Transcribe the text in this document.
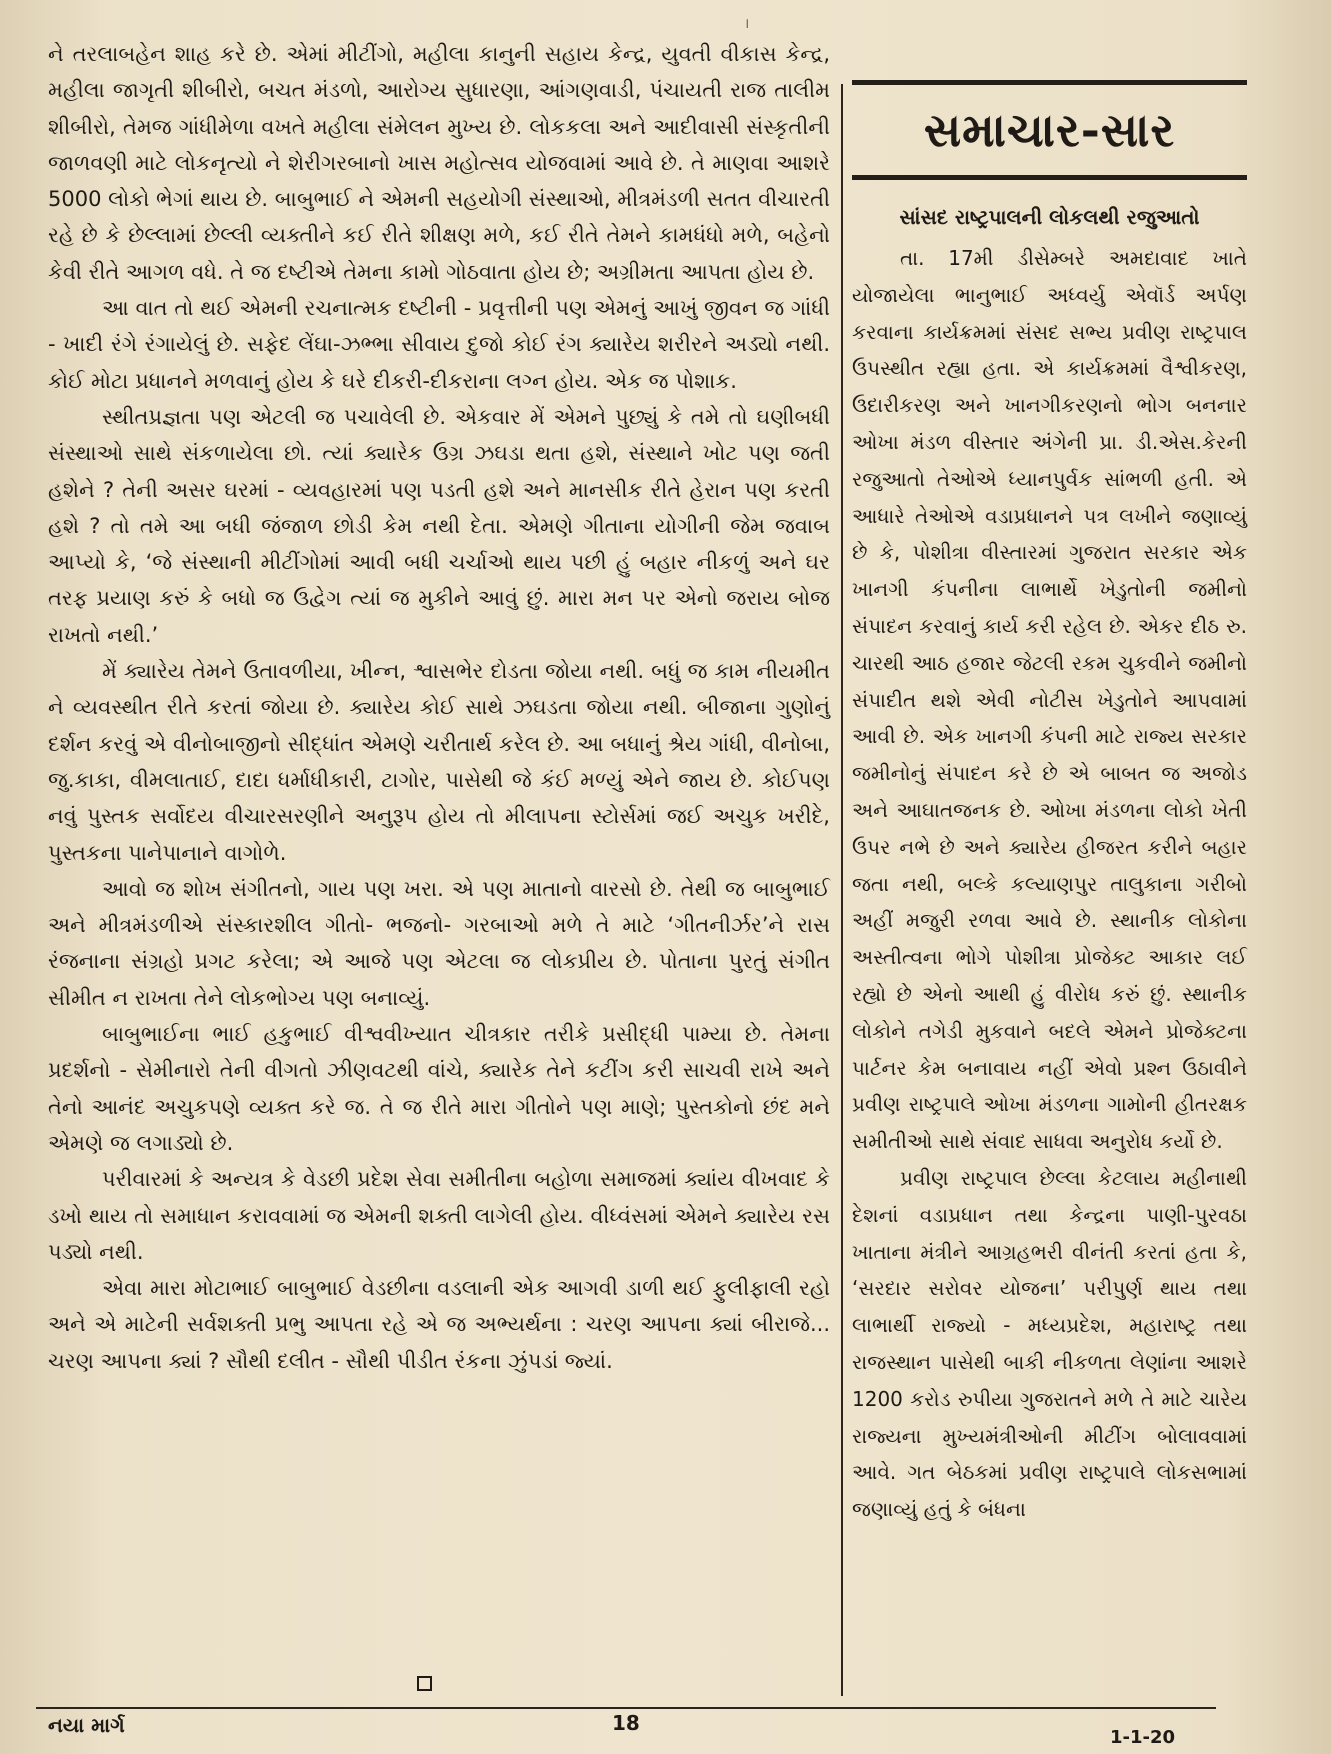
।

ને તરલાબહેન શાહ કરે છે. એમાં મીટીંગો, મહીલા કાનુની સહાય કેન્દ્ર, યુવતી વીકાસ કેન્દ્ર, મહીલા જાગૃતી શીબીરો, બચત મંડળો, આરોગ્ય સુધારણા, આંગણવાડી, પંચાયતી રાજ તાલીમ શીબીરો, તેમજ ગાંધીમેળા વખતે મહીલા સંમેલન મુખ્ય છે. લોકકલા અને આદીવાસી સંસ્કૃતીની જાળવણી માટે લોકનૃત્યો ને શેરીગરબાનો ખાસ મહોત્સવ યોજવામાં આવે છે. તે માણવા આશરે 5000 લોકો ભેગાં થાય છે. બાબુભાઈ ને એમની સહયોગી સંસ્થાઓ, મીત્રમંડળી સતત વીચારતી રહે છે કે છેલ્લામાં છેલ્લી વ્યક્તીને કઈ રીતે શીક્ષણ મળે, કઈ રીતે તેમને કામધંધો મળે, બહેનો કેવી રીતે આગળ વધે. તે જ દષ્ટીએ તેમના કામો ગોઠવાતા હોય છે; અગ્રીમતા આપતા હોય છે.

આ વાત તો થઈ એમની રચનાત્મક દષ્ટીની - પ્રવૃત્તીની પણ એમનું આખું જીવન જ ગાંધી - ખાદી રંગે રંગાયેલું છે. સફેદ લેંઘા-ઝભ્ભા સીવાય દુજો કોઈ રંગ ક્યારેય શરીરને અડ્યો નથી. કોઈ મોટા પ્રધાનને મળવાનું હોય કે ઘરે દીકરી-દીકરાના લગ્ન હોય. એક જ પોશાક.

સ્થીતપ્રજ્ઞતા પણ એટલી જ પચાવેલી છે. એકવાર મેં એમને પુછ્યું કે તમે તો ઘણીબધી સંસ્થાઓ સાથે સંકળાયેલા છો. ત્યાં ક્યારેક ઉગ્ર ઝઘડા થતા હશે, સંસ્થાને ખોટ પણ જતી હશેને ? તેની અસર ઘરમાં - વ્યવહારમાં પણ પડતી હશે અને માનસીક રીતે હેરાન પણ કરતી હશે ? તો તમે આ બધી જંજાળ છોડી કેમ નથી દેતા. એમણે ગીતાના યોગીની જેમ જવાબ આપ્યો કે, ‘જે સંસ્થાની મીટીંગોમાં આવી બધી ચર્ચાઓ થાય પછી હું બહાર નીકળું અને ઘર તરફ પ્રયાણ કરું કે બધો જ ઉદ્વેગ ત્યાં જ મુકીને આવું છું. મારા મન પર એનો જરાય બોજ રાખતો નથી.’

મેં ક્યારેય તેમને ઉતાવળીયા, ખીન્ન, શ્વાસભેર દોડતા જોયા નથી. બધું જ કામ નીયમીત ને વ્યવસ્થીત રીતે કરતાં જોયા છે. ક્યારેય કોઈ સાથે ઝઘડતા જોયા નથી. બીજાના ગુણોનું દર્શન કરવું એ વીનોબાજીનો સીદ્ધાંત એમણે ચરીતાર્થ કરેલ છે. આ બધાનું શ્રેય ગાંધી, વીનોબા, જુ.કાકા, વીમલાતાઈ, દાદા ધર્માધીકારી, ટાગોર, પાસેથી જે કંઈ મળ્યું એને જાય છે. કોઈપણ નવું પુસ્તક સર્વોદય વીચારસરણીને અનુરૂપ હોય તો મીલાપના સ્ટોર્સમાં જઈ અચુક ખરીદે, પુસ્તકના પાનેપાનાને વાગોળે.

આવો જ શોખ સંગીતનો, ગાય પણ ખરા. એ પણ માતાનો વારસો છે. તેથી જ બાબુભાઈ અને મીત્રમંડળીએ સંસ્કારશીલ ગીતો- ભજનો- ગરબાઓ મળે તે માટે ‘ગીતનીર્ઝર’ને રાસ રંજનાના સંગ્રહો પ્રગટ કરેલા; એ આજે પણ એટલા જ લોકપ્રીય છે. પોતાના પુરતું સંગીત સીમીત ન રાખતા તેને લોકભોગ્ય પણ બનાવ્યું.

બાબુભાઈના ભાઈ હકુભાઈ વીશ્વવીખ્યાત ચીત્રકાર તરીકે પ્રસીદ્ધી પામ્યા છે. તેમના પ્રદર્શનો - સેમીનારો તેની વીગતો ઝીણવટથી વાંચે, ક્યારેક તેને કટીંગ કરી સાચવી રાખે અને તેનો આનંદ અચુકપણે વ્યક્ત કરે જ. તે જ રીતે મારા ગીતોને પણ માણે; પુસ્તકોનો છંદ મને એમણે જ લગાડ્યો છે.

પરીવારમાં કે અન્યત્ર કે વેડછી પ્રદેશ સેવા સમીતીના બહોળા સમાજમાં ક્યાંય વીખવાદ કે ડખો થાય તો સમાધાન કરાવવામાં જ એમની શક્તી લાગેલી હોય. વીધ્વંસમાં એમને ક્યારેય રસ પડ્યો નથી.

એવા મારા મોટાભાઈ બાબુભાઈ વેડછીના વડલાની એક આગવી ડાળી થઈ ફુલીફાલી રહો અને એ માટેની સર્વશક્તી પ્રભુ આપતા રહે એ જ અભ્યર્થના : ચરણ આપના ક્યાં બીરાજે... ચરણ આપના ક્યાં ? સૌથી દલીત - સૌથી પીડીત રંકના ઝુંપડાં જ્યાં.

સમાચાર-સાર
સાંસદ રાષ્ટ્રપાલની લોકલથી રજુઆતો

તા. 17મી ડીસેમ્બરે અમદાવાદ ખાતે યોજાયેલા ભાનુભાઈ અધ્વર્યુ એવૉર્ડ અર્પણ કરવાના કાર્યક્રમમાં સંસદ સભ્ય પ્રવીણ રાષ્ટ્રપાલ ઉપસ્થીત રહ્યા હતા. એ કાર્યક્રમમાં વૈશ્વીકરણ, ઉદારીકરણ અને ખાનગીકરણનો ભોગ બનનાર ઓખા મંડળ વીસ્તાર અંગેની પ્રા. ડી.એસ.કેરની રજુઆતો તેઓએ ધ્યાનપુર્વક સાંભળી હતી. એ આધારે તેઓએ વડાપ્રધાનને પત્ર લખીને જણાવ્યું છે કે, પોશીત્રા વીસ્તારમાં ગુજરાત સરકાર એક ખાનગી કંપનીના લાભાર્થે ખેડુતોની જમીનો સંપાદન કરવાનું કાર્ય કરી રહેલ છે. એકર દીઠ રુ. ચારથી આઠ હજાર જેટલી રકમ ચુકવીને જમીનો સંપાદીત થશે એવી નોટીસ ખેડુતોને આપવામાં આવી છે. એક ખાનગી કંપની માટે રાજ્ય સરકાર જમીનોનું સંપાદન કરે છે એ બાબત જ અજોડ અને આઘાતજનક છે. ઓખા મંડળના લોકો ખેતી ઉપર નભે છે અને ક્યારેય હીજરત કરીને બહાર જતા નથી, બલ્કે કલ્યાણપુર તાલુકાના ગરીબો અહીં મજુરી રળવા આવે છે. સ્થાનીક લોકોના અસ્તીત્વના ભોગે પોશીત્રા પ્રોજેક્ટ આકાર લઈ રહ્યો છે એનો આથી હું વીરોધ કરું છું. સ્થાનીક લોકોને તગેડી મુકવાને બદલે એમને પ્રોજેક્ટના પાર્ટનર કેમ બનાવાય નહીં એવો પ્રશ્ન ઉઠાવીને પ્રવીણ રાષ્ટ્રપાલે ઓખા મંડળના ગામોની હીતરક્ષક સમીતીઓ સાથે સંવાદ સાધવા અનુરોધ કર્યો છે.

પ્રવીણ રાષ્ટ્રપાલ છેલ્લા કેટલાય મહીનાથી દેશનાં વડાપ્રધાન તથા કેન્દ્રના પાણી-પુરવઠા ખાતાના મંત્રીને આગ્રહભરી વીનંતી કરતાં હતા કે, ‘સરદાર સરોવર યોજના’ પરીપુર્ણ થાય તથા લાભાર્થી રાજ્યો - મધ્યપ્રદેશ, મહારાષ્ટ્ર તથા રાજસ્થાન પાસેથી બાકી નીકળતા લેણાંના આશરે 1200 કરોડ રુપીયા ગુજરાતને મળે તે માટે ચારેય રાજ્યના મુખ્યમંત્રીઓની મીટીંગ બોલાવવામાં આવે. ગત બેઠકમાં પ્રવીણ રાષ્ટ્રપાલે લોકસભામાં જણાવ્યું હતું કે બંધના

નયા માર્ગ	18
1-1-20
